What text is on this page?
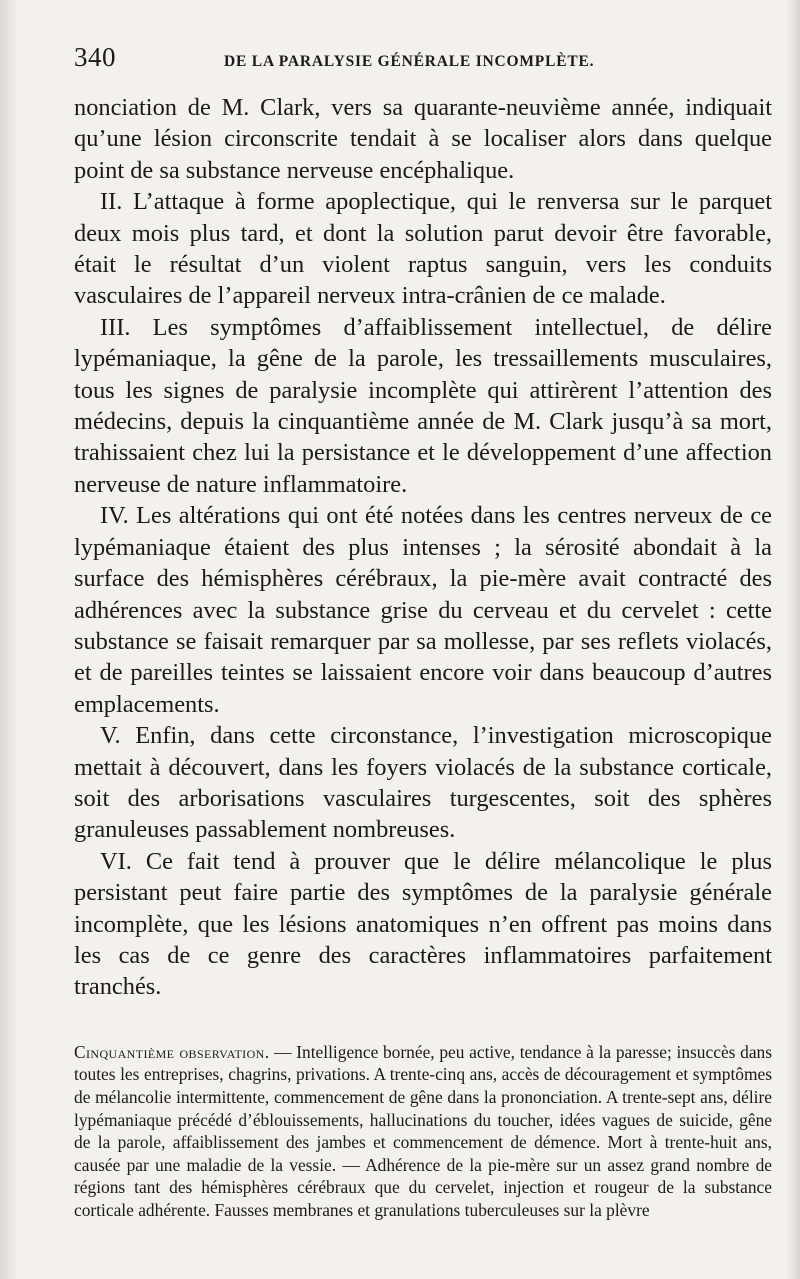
340	DE LA PARALYSIE GÉNÉRALE INCOMPLÈTE.

nonciation de M. Clark, vers sa quarante-neuvième année, indiquait qu’une lésion circonscrite tendait à se localiser alors dans quelque point de sa substance nerveuse encéphalique.

II. L’attaque à forme apoplectique, qui le renversa sur le parquet deux mois plus tard, et dont la solution parut devoir être favorable, était le résultat d’un violent raptus sanguin, vers les conduits vasculaires de l’appareil nerveux intra-crânien de ce malade.

III. Les symptômes d’affaiblissement intellectuel, de délire lypémaniaque, la gêne de la parole, les tressaillements musculaires, tous les signes de paralysie incomplète qui attirèrent l’attention des médecins, depuis la cinquantième année de M. Clark jusqu’à sa mort, trahissaient chez lui la persistance et le développement d’une affection nerveuse de nature inflammatoire.

IV. Les altérations qui ont été notées dans les centres nerveux de ce lypémaniaque étaient des plus intenses ; la sérosité abondait à la surface des hémisphères cérébraux, la pie-mère avait contracté des adhérences avec la substance grise du cerveau et du cervelet : cette substance se faisait remarquer par sa mollesse, par ses reflets violacés, et de pareilles teintes se laissaient encore voir dans beaucoup d’autres emplacements.

V. Enfin, dans cette circonstance, l’investigation microscopique mettait à découvert, dans les foyers violacés de la substance corticale, soit des arborisations vasculaires turgescentes, soit des sphères granuleuses passablement nombreuses.

VI. Ce fait tend à prouver que le délire mélancolique le plus persistant peut faire partie des symptômes de la paralysie générale incomplète, que les lésions anatomiques n’en offrent pas moins dans les cas de ce genre des caractères inflammatoires parfaitement tranchés.

Cinquantième observation. — Intelligence bornée, peu active, tendance à la paresse; insuccès dans toutes les entreprises, chagrins, privations. A trente-cinq ans, accès de découragement et symptômes de mélancolie intermittente, commencement de gêne dans la prononciation. A trente-sept ans, délire lypémaniaque précédé d’éblouissements, hallucinations du toucher, idées vagues de suicide, gêne de la parole, affaiblissement des jambes et commencement de démence. Mort à trente-huit ans, causée par une maladie de la vessie. — Adhérence de la pie-mère sur un assez grand nombre de régions tant des hémisphères cérébraux que du cervelet, injection et rougeur de la substance corticale adhérente. Fausses membranes et granulations tuberculeuses sur la plèvre
